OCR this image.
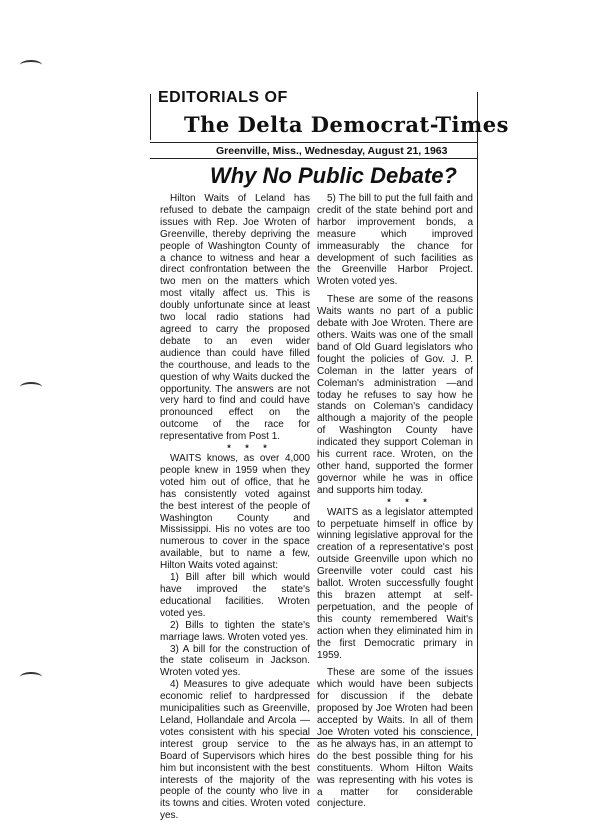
EDITORIALS OF
The Delta Democrat-Times
Greenville, Miss., Wednesday, August 21, 1963
Why No Public Debate?

Hilton Waits of Leland has refused to debate the campaign issues with Rep. Joe Wroten of Greenville, thereby depriving the people of Washington County of a chance to witness and hear a direct confrontation between the two men on the matters which most vitally affect us. This is doubly unfortunate since at least two local radio stations had agreed to carry the proposed debate to an even wider audience than could have filled the courthouse, and leads to the question of why Waits ducked the opportunity. The answers are not very hard to find and could have pronounced effect on the outcome of the race for representative from Post 1.

* * *

WAITS knows, as over 4,000 people knew in 1959 when they voted him out of office, that he has consistently voted against the best interest of the people of Washington County and Mississippi. His no votes are too numerous to cover in the space available, but to name a few, Hilton Waits voted against:

1) Bill after bill which would have improved the state's educational facilities. Wroten voted yes.

2) Bills to tighten the state's marriage laws. Wroten voted yes.

3) A bill for the construction of the state coliseum in Jackson. Wroten voted yes.

4) Measures to give adequate economic relief to hardpressed municipalities such as Greenville, Leland, Hollandale and Arcola — votes consistent with his special interest group service to the Board of Supervisors which hires him but inconsistent with the best interests of the majority of the people of the county who live in its towns and cities. Wroten voted yes.

5) The bill to put the full faith and credit of the state behind port and harbor improvement bonds, a measure which improved immeasurably the chance for development of such facilities as the Greenville Harbor Project. Wroten voted yes.

These are some of the reasons Waits wants no part of a public debate with Joe Wroten. There are others. Waits was one of the small band of Old Guard legislators who fought the policies of Gov. J. P. Coleman in the latter years of Coleman's administration —and today he refuses to say how he stands on Coleman's candidacy although a majority of the people of Washington County have indicated they support Coleman in his current race. Wroten, on the other hand, supported the former governor while he was in office and supports him today.

* * *

WAITS as a legislator attempted to perpetuate himself in office by winning legislative approval for the creation of a representative's post outside Greenville upon which no Greenville voter could cast his ballot. Wroten successfully fought this brazen attempt at self-perpetuation, and the people of this county remembered Wait's action when they eliminated him in the first Democratic primary in 1959.

These are some of the issues which would have been subjects for discussion if the debate proposed by Joe Wroten had been accepted by Waits. In all of them Joe Wroten voted his conscience, as he always has, in an attempt to do the best possible thing for his constituents. Whom Hilton Waits was representing with his votes is a matter for considerable conjecture.
